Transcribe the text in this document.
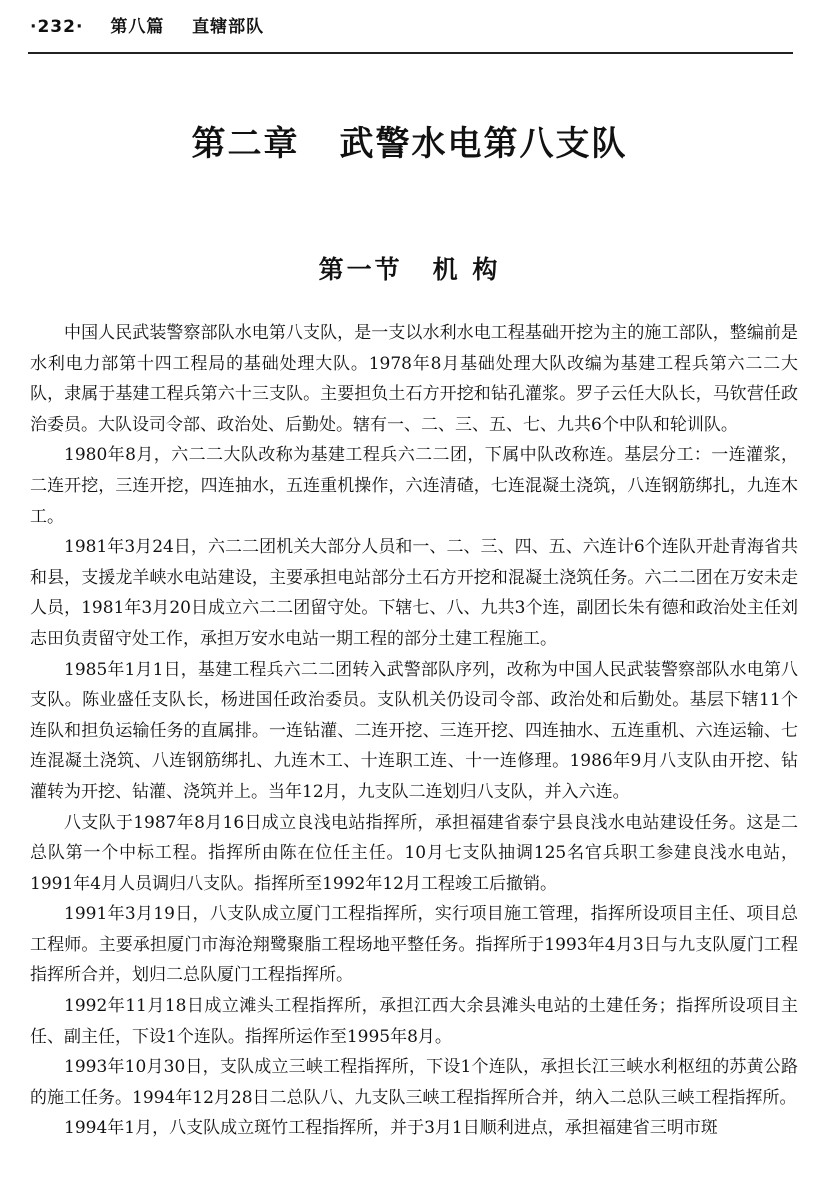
·232· 第八篇 直辖部队
第二章 武警水电第八支队
第一节 机 构

中国人民武装警察部队水电第八支队，是一支以水利水电工程基础开挖为主的施工部队，整编前是水利电力部第十四工程局的基础处理大队。1978年8月基础处理大队改编为基建工程兵第六二二大队，隶属于基建工程兵第六十三支队。主要担负土石方开挖和钻孔灌浆。罗子云任大队长，马钦营任政治委员。大队设司令部、政治处、后勤处。辖有一、二、三、五、七、九共6个中队和轮训队。

1980年8月，六二二大队改称为基建工程兵六二二团，下属中队改称连。基层分工：一连灌浆，二连开挖，三连开挖，四连抽水，五连重机操作，六连清碴，七连混凝土浇筑，八连钢筋绑扎，九连木工。

1981年3月24日，六二二团机关大部分人员和一、二、三、四、五、六连计6个连队开赴青海省共和县，支援龙羊峡水电站建设，主要承担电站部分土石方开挖和混凝土浇筑任务。六二二团在万安未走人员，1981年3月20日成立六二二团留守处。下辖七、八、九共3个连，副团长朱有德和政治处主任刘志田负责留守处工作，承担万安水电站一期工程的部分土建工程施工。

1985年1月1日，基建工程兵六二二团转入武警部队序列，改称为中国人民武装警察部队水电第八支队。陈业盛任支队长，杨进国任政治委员。支队机关仍设司令部、政治处和后勤处。基层下辖11个连队和担负运输任务的直属排。一连钻灌、二连开挖、三连开挖、四连抽水、五连重机、六连运输、七连混凝土浇筑、八连钢筋绑扎、九连木工、十连职工连、十一连修理。1986年9月八支队由开挖、钻灌转为开挖、钻灌、浇筑并上。当年12月，九支队二连划归八支队，并入六连。

八支队于1987年8月16日成立良浅电站指挥所，承担福建省泰宁县良浅水电站建设任务。这是二总队第一个中标工程。指挥所由陈在位任主任。10月七支队抽调125名官兵职工参建良浅水电站，1991年4月人员调归八支队。指挥所至1992年12月工程竣工后撤销。

1991年3月19日，八支队成立厦门工程指挥所，实行项目施工管理，指挥所设项目主任、项目总工程师。主要承担厦门市海沧翔鹭聚脂工程场地平整任务。指挥所于1993年4月3日与九支队厦门工程指挥所合并，划归二总队厦门工程指挥所。

1992年11月18日成立滩头工程指挥所，承担江西大余县滩头电站的土建任务；指挥所设项目主任、副主任，下设1个连队。指挥所运作至1995年8月。

1993年10月30日，支队成立三峡工程指挥所，下设1个连队，承担长江三峡水利枢纽的苏黄公路的施工任务。1994年12月28日二总队八、九支队三峡工程指挥所合并，纳入二总队三峡工程指挥所。

1994年1月，八支队成立斑竹工程指挥所，并于3月1日顺利进点，承担福建省三明市斑
